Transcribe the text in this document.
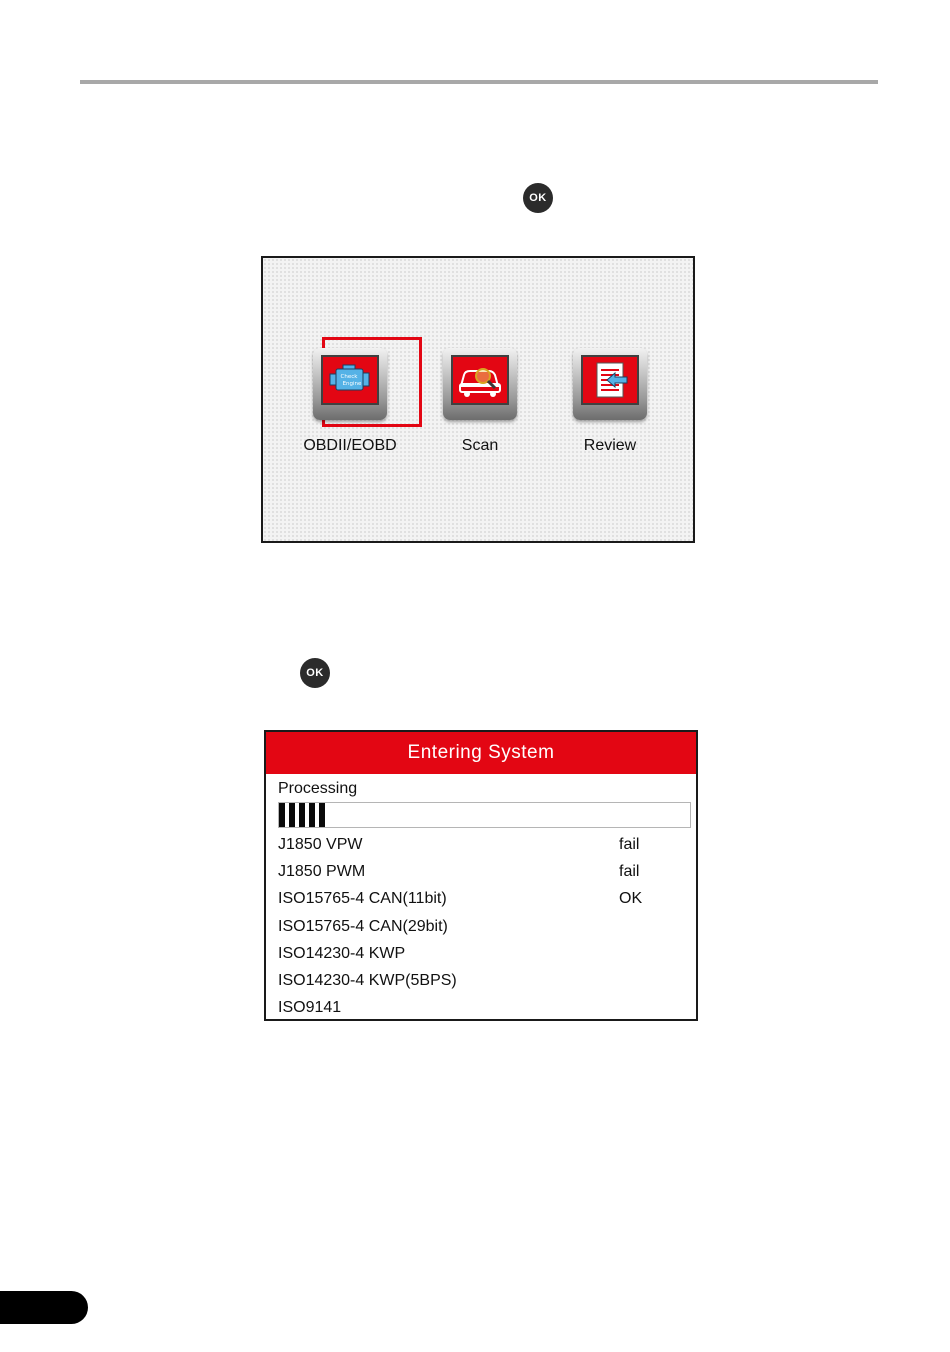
OK
Check
Engine
OBDII/EOBD	Scan	Review
OK
Entering System
Processing
J1850 VPW	fail
J1850 PWM	fail
ISO15765-4 CAN(11bit)	OK
ISO15765-4 CAN(29bit)
ISO14230-4 KWP
ISO14230-4 KWP(5BPS)
ISO9141
